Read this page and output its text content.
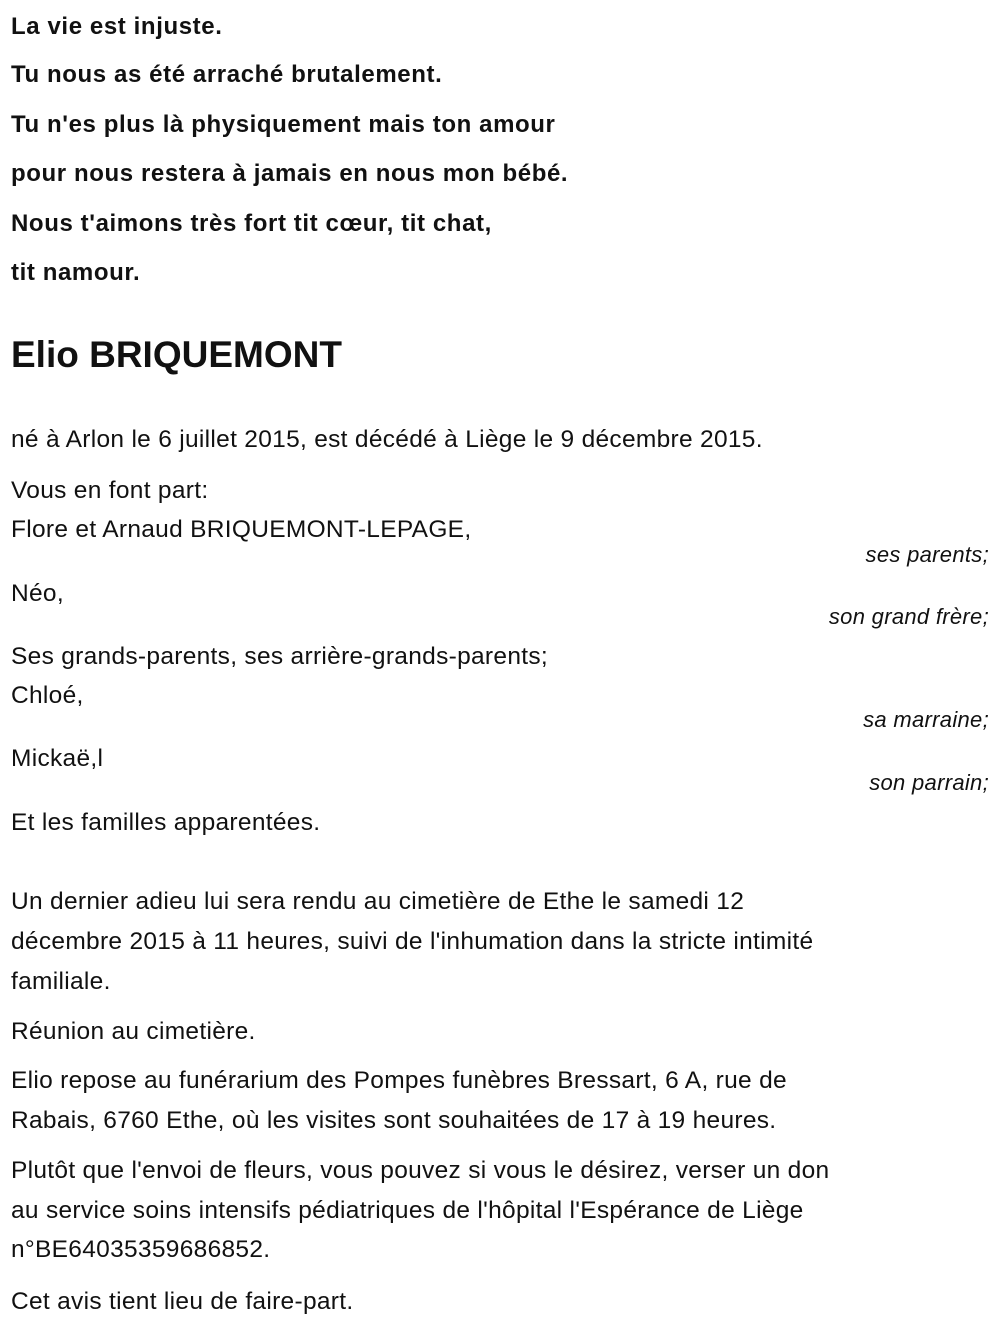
La vie est injuste.
Tu nous as été arraché brutalement.
Tu n'es plus là physiquement mais ton amour
pour nous restera à jamais en nous mon bébé.
Nous t'aimons très fort tit cœur, tit chat,
tit namour.
Elio BRIQUEMONT
né à Arlon le 6 juillet 2015, est décédé à Liège le 9 décembre 2015.
Vous en font part:
Flore et Arnaud BRIQUEMONT-LEPAGE,
ses parents;
Néo,
son grand frère;
Ses grands-parents, ses arrière-grands-parents;
Chloé,
sa marraine;
Mickaë,l
son parrain;
Et les familles apparentées.
Un dernier adieu lui sera rendu au cimetière de Ethe le samedi 12
décembre 2015 à 11 heures, suivi de l'inhumation dans la stricte intimité
familiale.
Réunion au cimetière.
Elio repose au funérarium des Pompes funèbres Bressart, 6 A, rue de
Rabais, 6760 Ethe, où les visites sont souhaitées de 17 à 19 heures.
Plutôt que l'envoi de fleurs, vous pouvez si vous le désirez, verser un don
au service soins intensifs pédiatriques de l'hôpital l'Espérance de Liège
n°BE64035359686852.
Cet avis tient lieu de faire-part.
